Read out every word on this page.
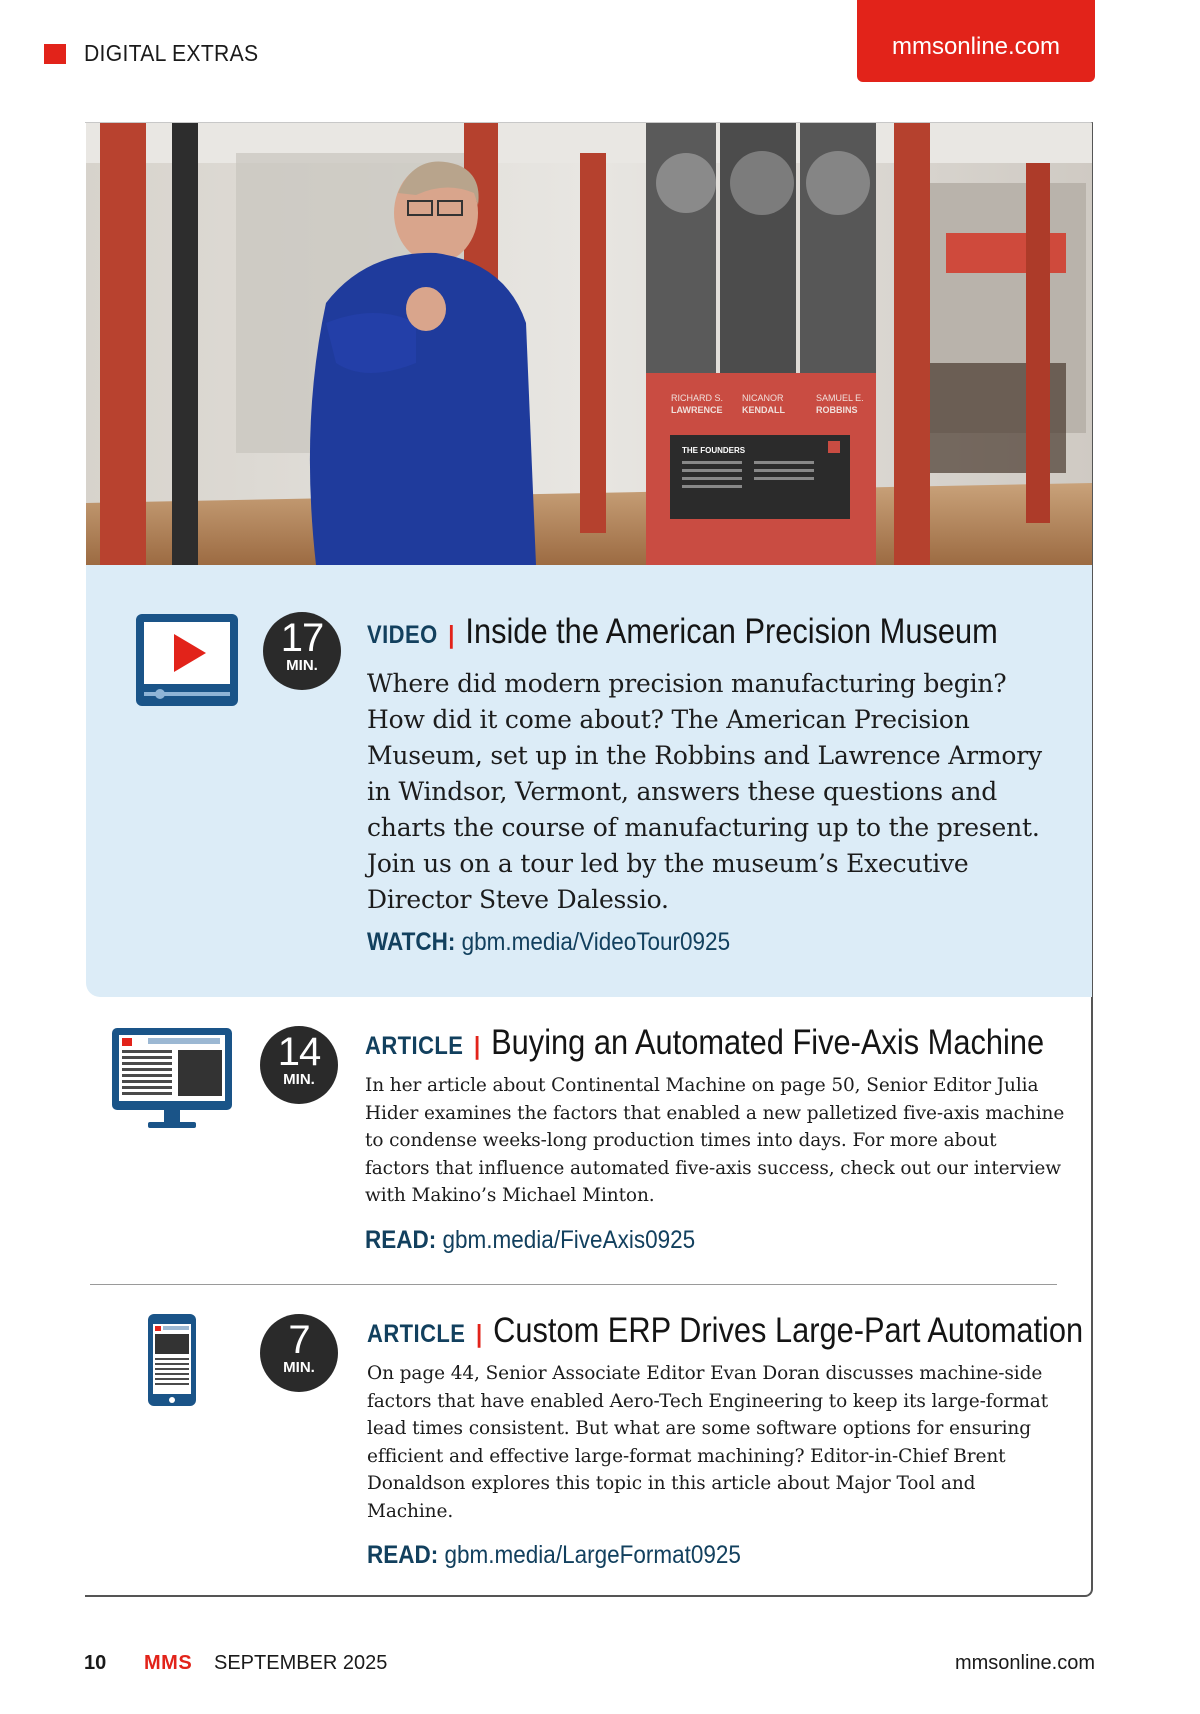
DIGITAL EXTRAS	mmsonline.com
RICHARD S.
LAWRENCE
NICANOR
KENDALL
SAMUEL E.
ROBBINS
THE FOUNDERS
17
MIN.
VIDEO | Inside the American Precision Museum
Where did modern precision manufacturing begin? How did it come about? The American Precision Museum, set up in the Robbins and Lawrence Armory in Windsor, Vermont, answers these questions and charts the course of manufacturing up to the present. Join us on a tour led by the museum’s Executive Director Steve Dalessio.
WATCH: gbm.media/VideoTour0925
14
MIN.
ARTICLE | Buying an Automated Five-Axis Machine
In her article about Continental Machine on page 50, Senior Editor Julia Hider examines the factors that enabled a new palletized five-axis machine to condense weeks-long production times into days. For more about factors that influence automated five-axis success, check out our interview with Makino’s Michael Minton.
READ: gbm.media/FiveAxis0925
7
MIN.
ARTICLE | Custom ERP Drives Large-Part Automation
On page 44, Senior Associate Editor Evan Doran discusses machine-side factors that have enabled Aero-Tech Engineering to keep its large-format lead times consistent. But what are some software options for ensuring efficient and effective large-format machining? Editor-in-Chief Brent Donaldson explores this topic in this article about Major Tool and Machine.
READ: gbm.media/LargeFormat0925
10 MMS SEPTEMBER 2025	mmsonline.com
